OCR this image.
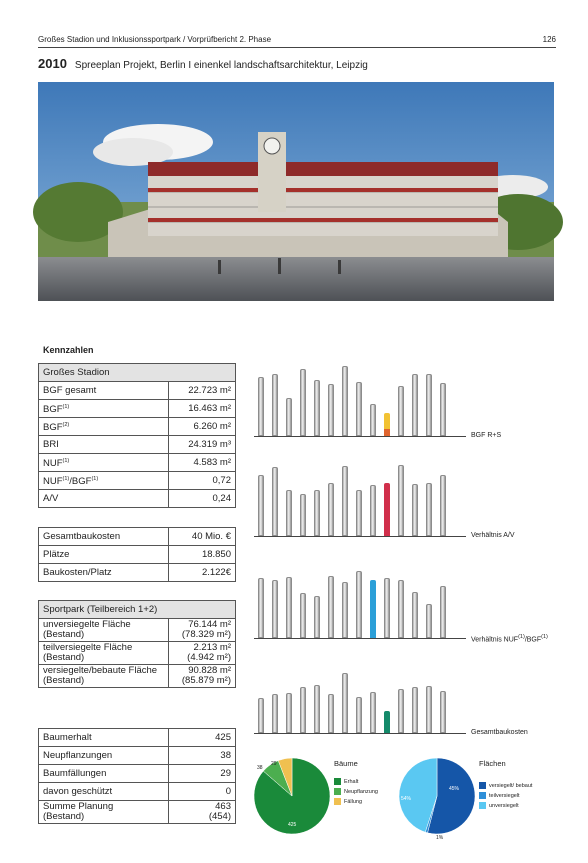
Großes Stadion und Inklusionssportpark / Vorprüfbericht 2. Phase	126
2010 Spreeplan Projekt, Berlin I einenkel landschaftsarchitektur, Leipzig
Kennzahlen
Großes Stadion	
BGF gesamt	22.723 m²
BGF$^{(1)}$	16.463 m²
BGF$^{(2)}$	6.260 m²
BRI	24.319 m³
NUF$^{(1)}$	4.583 m²
NUF$^{(1)}$/BGF$^{(1)}$	0,72
A/V	0,24
Gesamtbaukosten	40 Mio. €
Plätze	18.850
Baukosten/Platz	2.122€
Sportpark (Teilbereich 1+2)	
unversiegelte Fläche
(Bestand)	76.144 m²
(78.329 m²)
teilversiegelte Fläche
(Bestand)	2.213 m²
(4.942 m²)
versiegelte/bebaute Fläche
(Bestand)	90.828 m²
(85.879 m²)
Baumerhalt	425
Neupflanzungen	38
Baumfällungen	29
davon geschützt	0
Summe Planung
(Bestand)	463
(454)
BGF R+S
Verhältnis A/V
Verhältnis NUF$^{(1)}$/BGF$^{(1)}$
Gesamtbaukosten
425
38
29	Bäume
Erhalt
Neupflanzung
Fällung	54%
1%
45%
Flächen
versiegelt/ bebaut
teilversiegelt
unversiegelt
